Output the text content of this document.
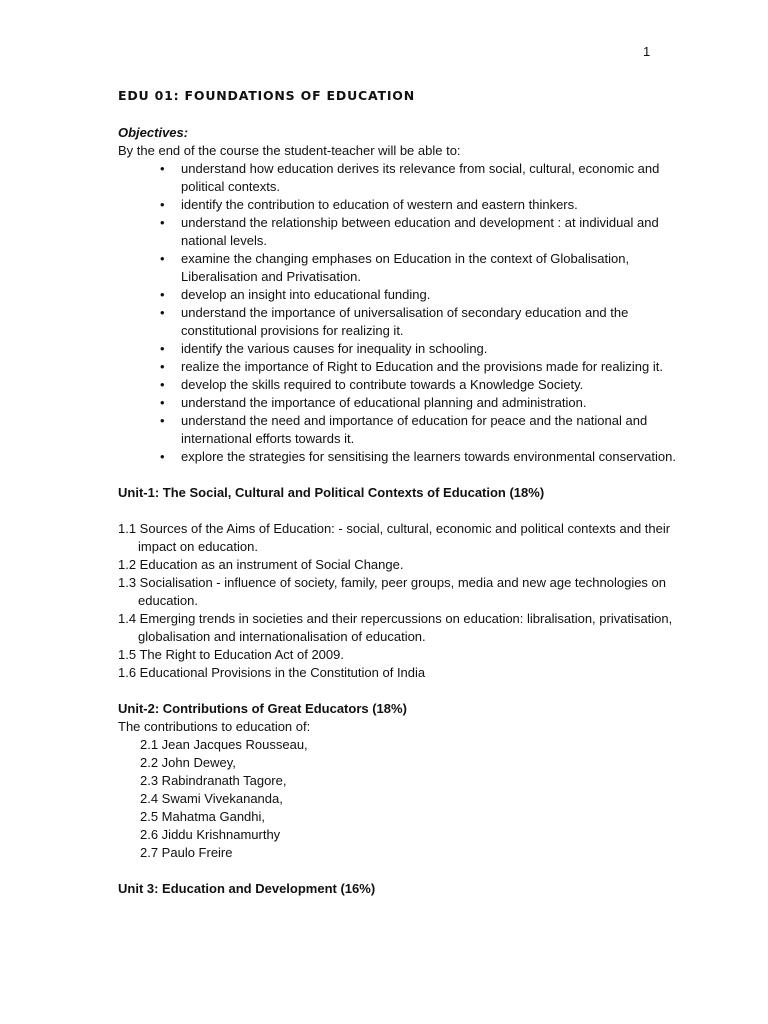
1
EDU 01: FOUNDATIONS OF EDUCATION
Objectives:
By the end of the course the student-teacher will be able to:
• understand how education derives its relevance from social, cultural, economic and political contexts.
• identify the contribution to education of western and eastern thinkers.
• understand the relationship between education and development : at individual and national levels.
• examine the changing emphases on Education in the context of Globalisation, Liberalisation and Privatisation.
• develop an insight into educational funding.
• understand the importance of universalisation of secondary education and the constitutional provisions for realizing it.
• identify the various causes for inequality in schooling.
• realize the importance of Right to Education and the provisions made for realizing it.
• develop the skills required to contribute towards a Knowledge Society.
• understand the importance of educational planning and administration.
• understand the need and importance of education for peace and the national and international efforts towards it.
• explore the strategies for sensitising the learners towards environmental conservation.
Unit-1: The Social, Cultural and Political Contexts of Education (18%)
1.1 Sources of the Aims of Education: - social, cultural, economic and political contexts and their impact on education.
1.2 Education as an instrument of Social Change.
1.3 Socialisation - influence of society, family, peer groups, media and new age technologies on education.
1.4 Emerging trends in societies and their repercussions on education: libralisation, privatisation, globalisation and internationalisation of education.
1.5 The Right to Education Act of 2009.
1.6 Educational Provisions in the Constitution of India
Unit-2: Contributions of Great Educators (18%)
The contributions to education of:
2.1 Jean Jacques Rousseau,
2.2 John Dewey,
2.3 Rabindranath Tagore,
2.4 Swami Vivekananda,
2.5 Mahatma Gandhi,
2.6 Jiddu Krishnamurthy
2.7 Paulo Freire
Unit 3: Education and Development (16%)
